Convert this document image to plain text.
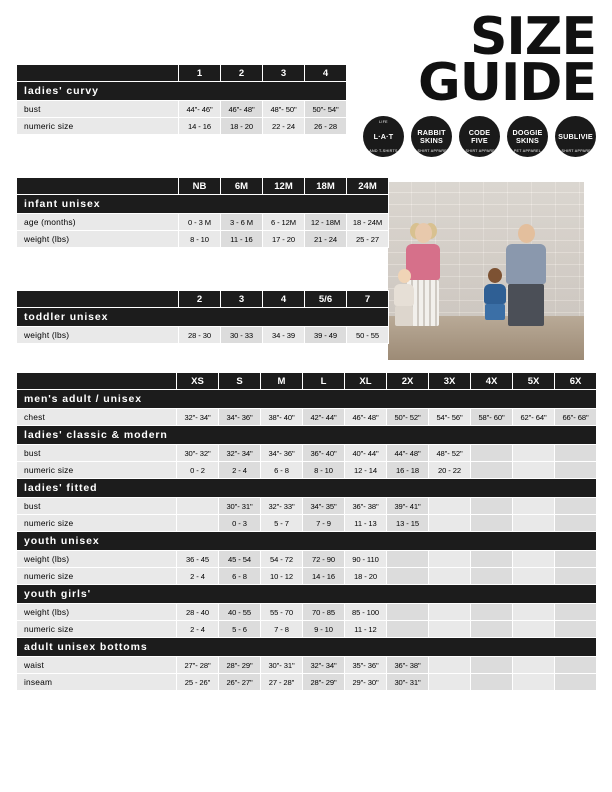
SIZE
GUIDE
LIFE
L·A·T
AND T-SHIRTS
RABBIT SKINS
T-SHIRT APPAREL
CODE FIVE
T-SHIRT APPAREL
DOGGIE SKINS
PET APPAREL
SUBLIVIE
T-SHIRT APPAREL
	1	2	3	4
ladies' curvy				
bust	44"- 46"	46"- 48"	48"- 50"	50"- 54"
numeric size	14 - 16	18 - 20	22 - 24	26 - 28
	NB	6M	12M	18M	24M
infant unisex					
age (months)	0 - 3 M	3 - 6 M	6 - 12M	12 - 18M	18 - 24M
weight (lbs)	8 - 10	11 - 16	17 - 20	21 - 24	25 - 27
	2	3	4	5/6	7
toddler unisex					
weight (lbs)	28 - 30	30 - 33	34 - 39	39 - 49	50 - 55
	XS	S	M	L	XL	2X	3X	4X	5X	6X
men's adult / unisex										
chest	32"- 34"	34"- 36"	38"- 40"	42"- 44"	46"- 48"	50"- 52"	54"- 56"	58"- 60"	62"- 64"	66"- 68"
ladies' classic & modern										
bust	30"- 32"	32"- 34"	34"- 36"	36"- 40"	40"- 44"	44"- 48"	48"- 52"			
numeric size	0 - 2	2 - 4	6 - 8	8 - 10	12 - 14	16 - 18	20 - 22			
ladies' fitted										
bust		30"- 31"	32"- 33"	34"- 35"	36"- 38"	39"- 41"				
numeric size		0 - 3	5 - 7	7 - 9	11 - 13	13 - 15				
youth unisex										
weight (lbs)	36 - 45	45 - 54	54 - 72	72 - 90	90 - 110					
numeric size	2 - 4	6 - 8	10 - 12	14 - 16	18 - 20					
youth girls'										
weight (lbs)	28 - 40	40 - 55	55 - 70	70 - 85	85 - 100					
numeric size	2 - 4	5 - 6	7 - 8	9 - 10	11 - 12					
adult unisex bottoms										
waist	27"- 28"	28"- 29"	30"- 31"	32"- 34"	35"- 36"	36"- 38"				
inseam	25 - 26"	26"- 27"	27 - 28"	28"- 29"	29"- 30"	30"- 31"				
